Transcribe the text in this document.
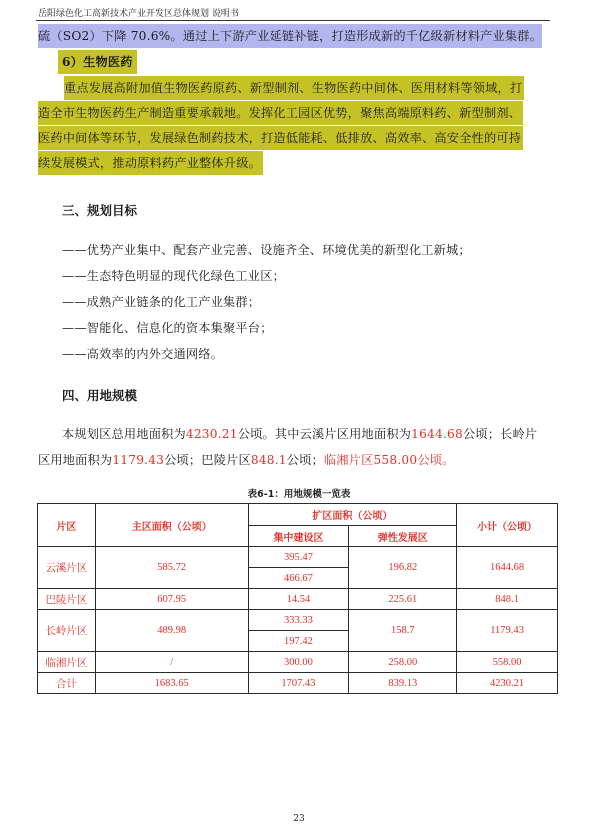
岳阳绿色化工高新技术产业开发区总体规划 说明书
硫（SO2）下降 70.6%。通过上下游产业延链补链，打造形成新的千亿级新材料产业集群。
6）生物医药
重点发展高附加值生物医药原药、新型制剂、生物医药中间体、医用材料等领域，打
造全市生物医药生产制造重要承载地。发挥化工园区优势，聚焦高端原料药、新型制剂、
医药中间体等环节，发展绿色制药技术，打造低能耗、低排放、高效率、高安全性的可持
续发展模式，推动原料药产业整体升级。
三、规划目标
——优势产业集中、配套产业完善、设施齐全、环境优美的新型化工新城；
——生态特色明显的现代化绿色工业区；
——成熟产业链条的化工产业集群；
——智能化、信息化的资本集聚平台；
——高效率的内外交通网络。
四、用地规模
本规划区总用地面积为4230.21公顷。其中云溪片区用地面积为1644.68公顷；长岭片
区用地面积为1179.43公顷；巴陵片区848.1公顷；临湘片区558.00公顷。
表6-1：用地规模一览表
片区	主区面积（公顷）	扩区面积（公顷）		小计（公顷）
		集中建设区	弹性发展区	
云溪片区	585.72	395.47	196.82	1644.68
		466.67		
巴陵片区	607.95	14.54	225.61	848.1
长岭片区	489.98	333.33	158.7	1179.43
		197.42		
临湘片区	/	300.00	258.00	558.00
合计	1683.65	1707.43	839.13	4230.21
23
